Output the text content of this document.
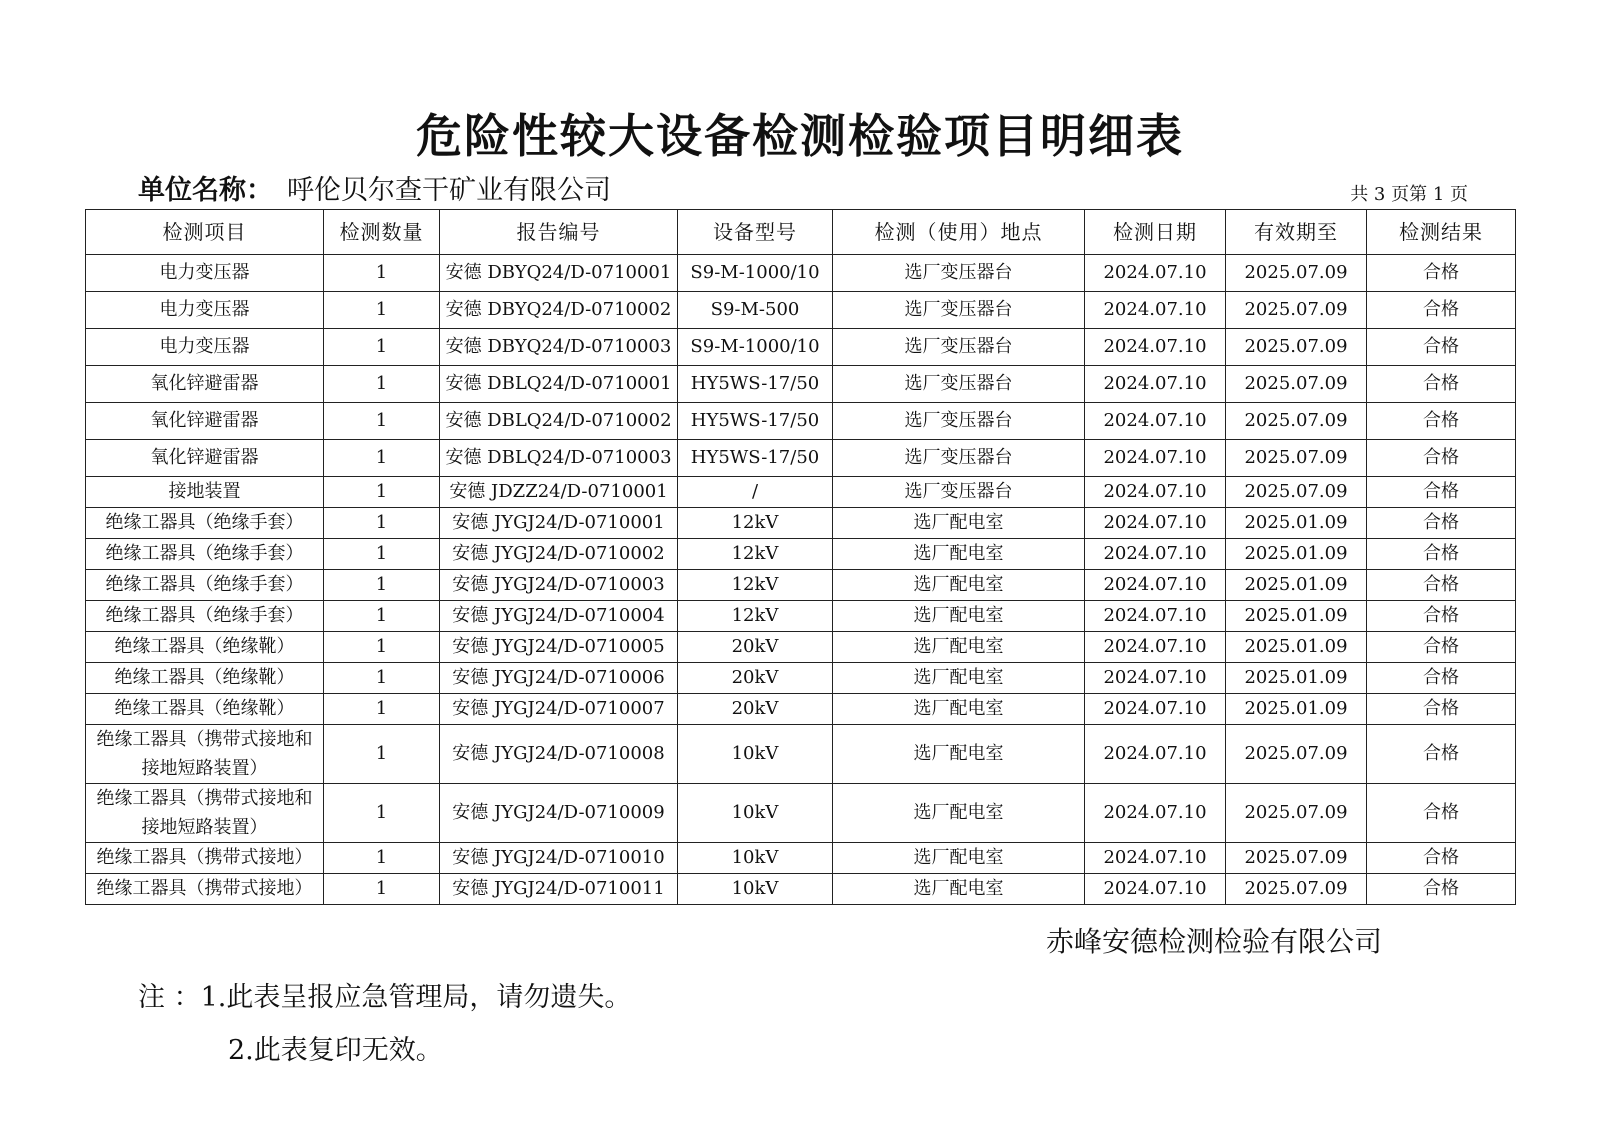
危险性较大设备检测检验项目明细表
单位名称： 呼伦贝尔查干矿业有限公司	共 3 页第 1 页
检测项目	检测数量	报告编号	设备型号	检测（使用）地点	检测日期	有效期至	检测结果
电力变压器	1	安德 DBYQ24/D-0710001	S9-M-1000/10	选厂变压器台	2024.07.10	2025.07.09	合格
电力变压器	1	安德 DBYQ24/D-0710002	S9-M-500	选厂变压器台	2024.07.10	2025.07.09	合格
电力变压器	1	安德 DBYQ24/D-0710003	S9-M-1000/10	选厂变压器台	2024.07.10	2025.07.09	合格
氧化锌避雷器	1	安德 DBLQ24/D-0710001	HY5WS-17/50	选厂变压器台	2024.07.10	2025.07.09	合格
氧化锌避雷器	1	安德 DBLQ24/D-0710002	HY5WS-17/50	选厂变压器台	2024.07.10	2025.07.09	合格
氧化锌避雷器	1	安德 DBLQ24/D-0710003	HY5WS-17/50	选厂变压器台	2024.07.10	2025.07.09	合格
接地装置	1	安德 JDZZ24/D-0710001	/	选厂变压器台	2024.07.10	2025.07.09	合格
绝缘工器具（绝缘手套）	1	安德 JYGJ24/D-0710001	12kV	选厂配电室	2024.07.10	2025.01.09	合格
绝缘工器具（绝缘手套）	1	安德 JYGJ24/D-0710002	12kV	选厂配电室	2024.07.10	2025.01.09	合格
绝缘工器具（绝缘手套）	1	安德 JYGJ24/D-0710003	12kV	选厂配电室	2024.07.10	2025.01.09	合格
绝缘工器具（绝缘手套）	1	安德 JYGJ24/D-0710004	12kV	选厂配电室	2024.07.10	2025.01.09	合格
绝缘工器具（绝缘靴）	1	安德 JYGJ24/D-0710005	20kV	选厂配电室	2024.07.10	2025.01.09	合格
绝缘工器具（绝缘靴）	1	安德 JYGJ24/D-0710006	20kV	选厂配电室	2024.07.10	2025.01.09	合格
绝缘工器具（绝缘靴）	1	安德 JYGJ24/D-0710007	20kV	选厂配电室	2024.07.10	2025.01.09	合格
绝缘工器具（携带式接地和接地短路装置）	1	安德 JYGJ24/D-0710008	10kV	选厂配电室	2024.07.10	2025.07.09	合格
绝缘工器具（携带式接地和接地短路装置）	1	安德 JYGJ24/D-0710009	10kV	选厂配电室	2024.07.10	2025.07.09	合格
绝缘工器具（携带式接地）	1	安德 JYGJ24/D-0710010	10kV	选厂配电室	2024.07.10	2025.07.09	合格
绝缘工器具（携带式接地）	1	安德 JYGJ24/D-0710011	10kV	选厂配电室	2024.07.10	2025.07.09	合格
赤峰安德检测检验有限公司
注 ：1.此表呈报应急管理局，请勿遗失。
2.此表复印无效。
